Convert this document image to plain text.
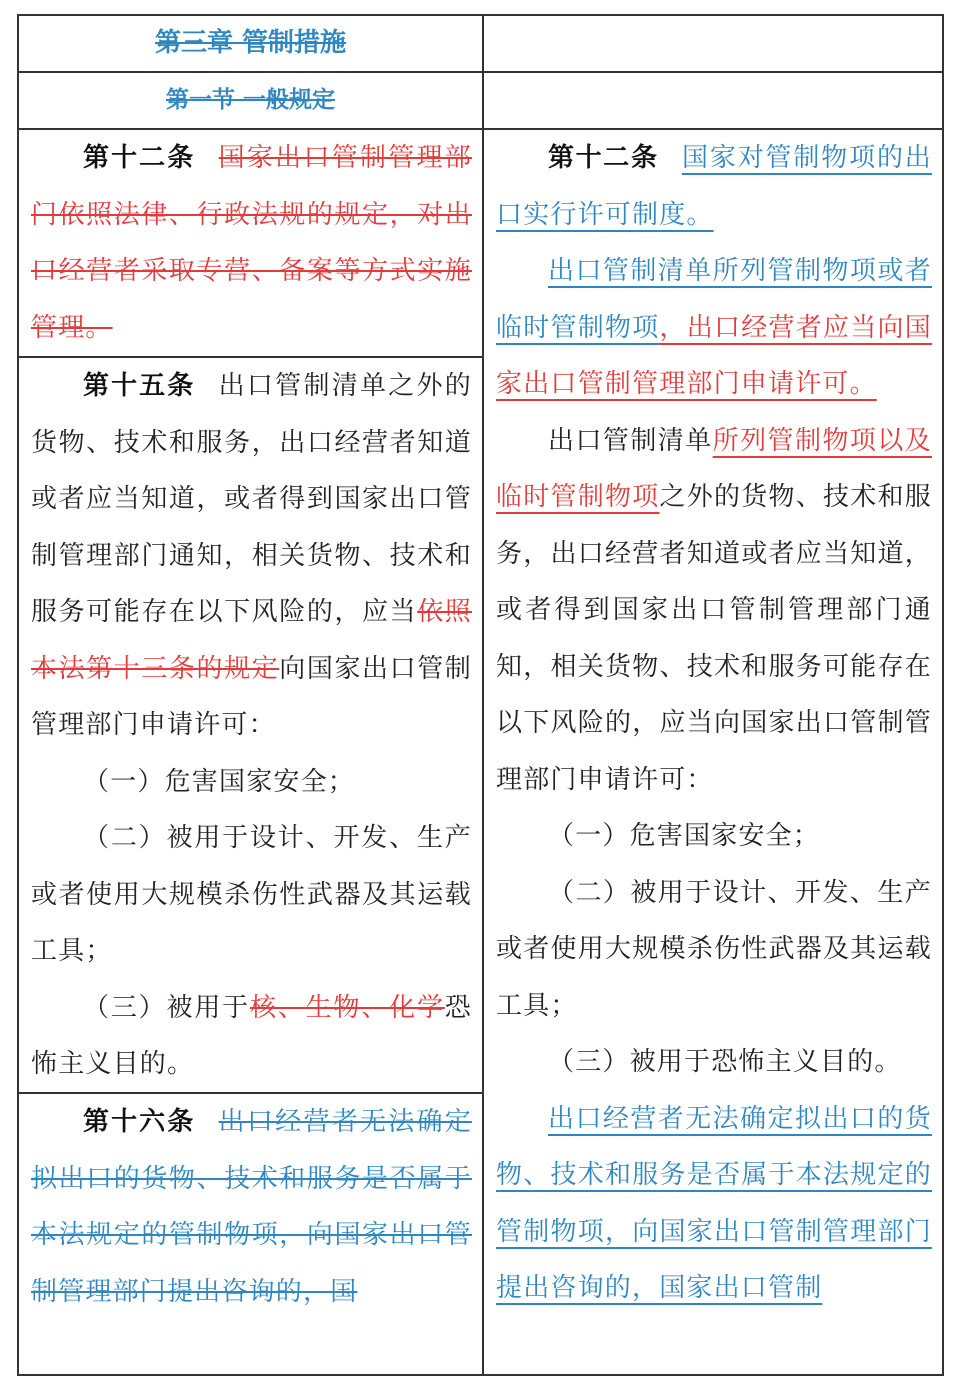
第三章 管制措施

第一节 一般规定

第十二条 国家出口管制管理部门依照法律、行政法规的规定，对出口经营者采取专营、备案等方式实施管理。

第十五条 出口管制清单之外的货物、技术和服务，出口经营者知道或者应当知道，或者得到国家出口管制管理部门通知，相关货物、技术和服务可能存在以下风险的，应当依照本法第十三条的规定向国家出口管制管理部门申请许可：

（一）危害国家安全；

（二）被用于设计、开发、生产或者使用大规模杀伤性武器及其运载工具；

（三）被用于核、生物、化学恐怖主义目的。

第十六条 出口经营者无法确定拟出口的货物、技术和服务是否属于本法规定的管制物项，向国家出口管制管理部门提出咨询的，国

第十二条 国家对管制物项的出口实行许可制度。

出口管制清单所列管制物项或者临时管制物项，出口经营者应当向国家出口管制管理部门申请许可。

出口管制清单所列管制物项以及临时管制物项之外的货物、技术和服务，出口经营者知道或者应当知道，或者得到国家出口管制管理部门通知，相关货物、技术和服务可能存在以下风险的，应当向国家出口管制管理部门申请许可：

（一）危害国家安全；

（二）被用于设计、开发、生产或者使用大规模杀伤性武器及其运载工具；

（三）被用于恐怖主义目的。

出口经营者无法确定拟出口的货物、技术和服务是否属于本法规定的管制物项，向国家出口管制管理部门提出咨询的，国家出口管制
